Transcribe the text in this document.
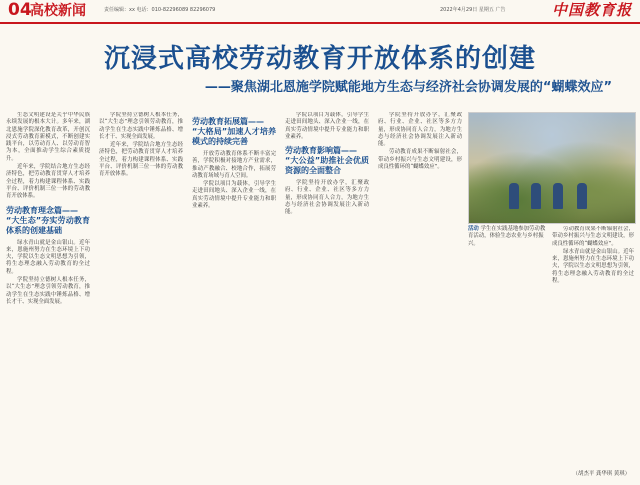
04
高校新闻	责任编辑：xx 电话：010-82296089 82296079	2022年4月29日 星期五 广告	中国教育报
沉浸式高校劳动教育开放体系的创建
——聚焦湖北恩施学院赋能地方生态与经济社会协调发展的“蝴蝶效应”

生态文明建设是关乎中华民族永续发展的根本大计。多年来，湖北恩施学院深化教育改革，开创沉浸式劳动教育新模式，不断创建实践平台，以劳动育人、以劳动育智为本，全面推动学生综合素质提升。

近年来，学院结合地方生态经济特色，把劳动教育贯穿人才培养全过程，着力构建课程体系、实践平台、评价机制三位一体的劳动教育开放体系。

劳动教育理念篇——
“大生态”夯实劳动教育体系的创建基础

绿水青山就是金山银山。近年来，恩施州努力在生态环境上下功夫，学院以生态文明思想为引领，将生态理念融入劳动教育的全过程。

学院坚持立德树人根本任务，以“大生态”理念引领劳动教育，推动学生在生态实践中锤炼品格、增长才干、实现全面发展。

学院坚持立德树人根本任务，以“大生态”理念引领劳动教育，推动学生在生态实践中锤炼品格、增长才干、实现全面发展。

近年来，学院结合地方生态经济特色，把劳动教育贯穿人才培养全过程，着力构建课程体系、实践平台、评价机制三位一体的劳动教育开放体系。

劳动教育拓展篇——
“大格局”加速人才培养模式的持续完善

开放劳动教育体系不断丰富完善，学院积极对接地方产业需求，推动产教融合、校地合作，拓展劳动教育场域与育人空间。

学院以项目为载体，引导学生走进田间地头、深入企业一线，在真实劳动情境中提升专业能力和职业素养。

学院以项目为载体，引导学生走进田间地头、深入企业一线，在真实劳动情境中提升专业能力和职业素养。

劳动教育影响篇——
“大公益”助推社会优质资源的全面整合

学院坚持开放办学，汇聚政府、行业、企业、社区等多方力量，形成协同育人合力，为地方生态与经济社会协调发展注入新动能。

学院坚持开放办学，汇聚政府、行业、企业、社区等多方力量，形成协同育人合力，为地方生态与经济社会协调发展注入新动能。

劳动教育成果不断辐射社会，带动乡村振兴与生态文明建设，形成良性循环的“蝴蝶效应”。

活动 学生在实践基地参加劳动教育活动，体验生态农业与乡村振兴。

劳动教育成果不断辐射社会，带动乡村振兴与生态文明建设，形成良性循环的“蝴蝶效应”。

绿水青山就是金山银山。近年来，恩施州努力在生态环境上下功夫，学院以生态文明思想为引领，将生态理念融入劳动教育的全过程。

（胡杰平 龚华琪 黄琪）
